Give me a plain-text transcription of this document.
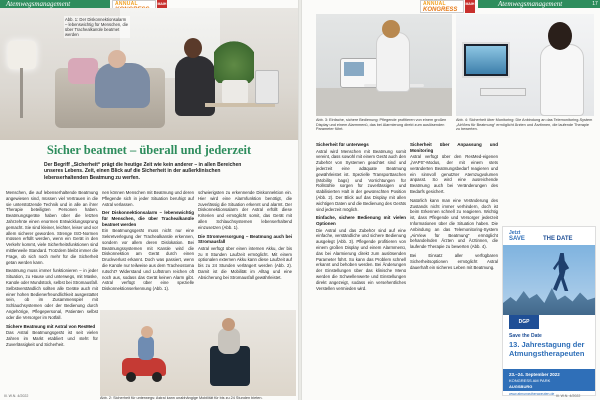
Atemwegsmanagement	ANNUAL	MAIH
Abb. 1: Der Diskonnektionsalarm – lebenswichtig für Menschen, die über Trachealkanüle beatmet werden
Sicher beatmet – überall und jederzeit
Der Begriff „Sicherheit“ prägt die heutige Zeit wie kein anderer – in allen Bereichen unseres Lebens. Zeit, einen Blick auf die Sicherheit in der außerklinischen lebenserhaltenden Beatmung zu werfen.

Menschen, die auf lebenserhaltende Beatmung angewiesen sind, müssen viel Vertrauen in die sie unterstützende Technik und in alle an ihrer Therapie beteiligten Personen haben. Beatmungsgeräte haben über die letzten Jahrzehnte einen enormen Entwicklungssprung gemacht. Sie sind kleiner, leichter, leiser und vor allem sicherer geworden. Strenge ISO-Normen müssen erfüllt werden, wenn ein Gerät in den Verkehr kommt, viele Sicherheitsfunktionen sind mittlerweile Standard. Trotzdem bleibt immer die Frage, ob sich noch mehr für die Sicherheit getan werden kann.

Beatmung muss immer funktionieren – in jeder Situation, zu Hause und unterwegs, mit Maske, Kanüle oder Mundstück, selbst bei Stromausfall. Selbstverständlich sollten alle Geräte auch mit einer hohen Bedienerfreundlichkeit ausgestattet sein, ob im Zusammenspiel mit Schlauchsystemen oder der Bedienung durch Angehörige, Pflegepersonal, Patienten selbst oder die Versorger im Notfall.

Sichere Beatmung mit Astral von ResMed

Das Astral Beatmungsgerät ist seit vielen Jahren im Markt etabliert und steht für Zuverlässigkeit und Sicherheit.

nen können Menschen mit Beatmung und deren Pflegende sich in jeder Situation beruhigt auf Astral verlassen.

Der Diskonnektionsalarm – lebenswichtig für Menschen, die über Trachealkanüle beatmet werden

Ein Beatmungsgerät muss nicht nur eine Sekretverlegung der Trachealkanüle erkennen, sondern vor allem deren Dislokation. Bei Beatmungssystemen mit Kanüle wird die Diskonnektion am Gerät durch einen Druckverlust erkannt. Doch was passiert, wenn die Kanüle nur teilweise aus dem Tracheostoma rutscht? Widerstand und Luftstrom reichen oft noch aus, sodass das Gerät keinen Alarm gibt. Astral verfügt über eine spezielle Diskonnektionserkennung (Abb. 1).

schwierigsten zu erkennende Diskonnektion ein. Hier wird eine Alarmfunktion benötigt, die zuverlässig die Situation erkennt und alarmt. Der Diskonnektionsalarm der Astral erfüllt diese Kriterien und ermöglicht somit, das Gerät mit allen Schlauchsystemen lebenserhaltend einzusetzen (Abb. 1).

Die Stromversorgung – Beatmung auch bei Stromausfall

Astral verfügt über einen internen Akku, der bis zu 8 Stunden Laufzeit ermöglicht. Mit einem optionalen externen Akku kann diese Laufzeit auf bis zu 24 Stunden verlängert werden (Abb. 2). Damit ist die Mobilität im Alltag und eine Absicherung bei Stromausfall gewährleistet.

Abb. 2: Sicherheit für unterwegs: Astral kann unabhängige Mobilität für bis zu 24 Stunden bieten.
Ill. W.N. 4/2022
ANNUAL
KONGRESS
MAIH	Atemwegsmanagement	17
Abb. 3: Einfache, sichere Bedienung: Pflegende profitieren von einem großen Display und einem Alarmmenü, das bei Alarmierung direkt zum auslösenden Parameter führt.
Abb. 4: Sicherheit über Monitoring: Die Anbindung an das Telemonitoring-System „AirView für Beatmung“ ermöglicht Ärzten und Ärztinnen, die laufende Therapie zu bewerten.
Sicherheit für unterwegs

Astral wird Menschen mit Beatmung somit vereint, dass sowohl mit einem Gerät auch den Zubehör von Systemen geachtet sind und jederzeit eine adäquate Beatmung gewährleistet ist. Spezielle Transporttaschen (Mobility bags) und Vorrichtungen für Rollstühle sorgen für zuverlässigen und stabilisierten Halt in der gewünschten Position (Abb. 2). Der Blick auf das Display mit allen wichtigen Daten und die Bedienung des Geräts sind jederzeit möglich.

Einfache, sichere Bedienung mit vielen Optionen

Die Astral und das Zubehör sind auf eine einfache, verständliche und sichere Bedienung ausgelegt (Abb. 3). Pflegende profitieren von einem großen Display und einem Alarmmenü, das bei Alarmierung direkt zum auslösenden Parameter führt. So kann das Problem schnell erkannt und behoben werden. Bei Änderungen der Einstellungen über das klinische Menü werden die Schwellenwerte und Einstellungen direkt angezeigt, sodass ein versehentliches Verstellen vermieden wird.

Sicherheit über Anpassung und Monitoring

Astral verfügt über den ResMed-eigenen „iVAPS“-Modus, der mit einem stets veränderten Beatmungsbedarf reagieren und ein sinnvoll genutzter Atemzugvolumen anpasst. So wird eine ausreichende Beatmung auch bei Veränderungen des Bedarfs gesichert.

Natürlich kann man eine Veränderung des Zustands nicht immer verhindern, doch ist beim Erkennen schnell zu reagieren. Wichtig ist, dass Pflegende und Versorger jederzeit Informationen über die Situation haben. Die Anbindung an das Telemonitoring-System „AirView für Beatmung“ ermöglicht behandelnden Ärzten und Ärztinnen, die laufende Therapie zu bewerten (Abb. 4).

Bei Einsatz aller verfügbaren Sicherheitsoptionen ermöglicht Astral dauerhaft ein sicheres Leben mit Beatmung.

Jetzt
SAVE	THE DATE
DGP
Save the Date
13. Jahrestagung der Atmungstherapeuten
23.–24. September 2022
KONGRESS AM PARK
AUGSBURG
www.atmungstherapeuten.de Ill. W.N. 4/2022
